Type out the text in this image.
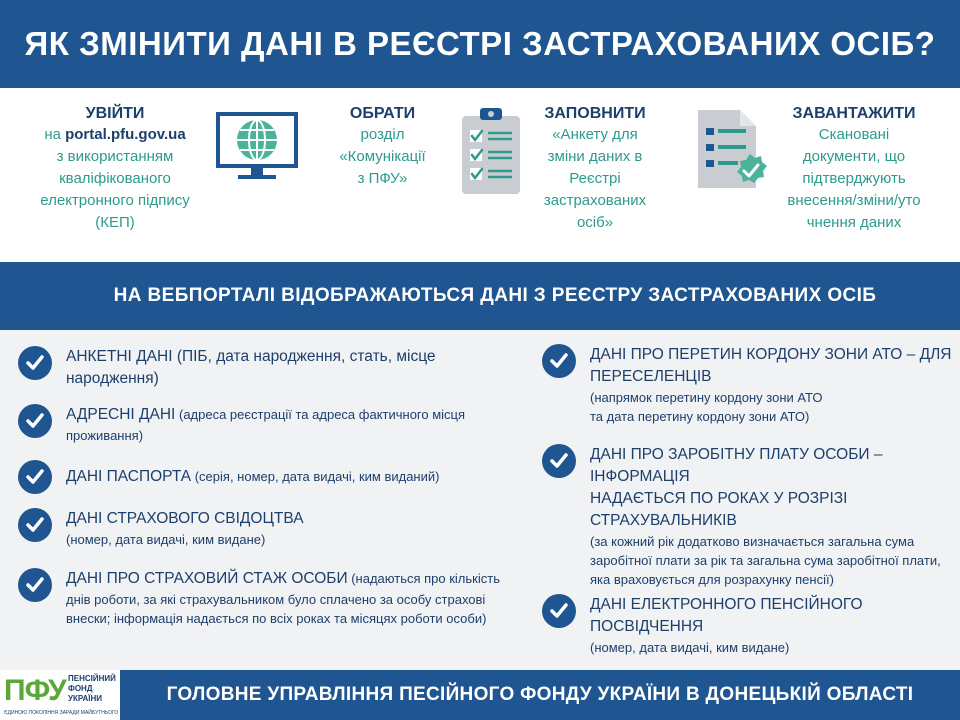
ЯК ЗМІНИТИ ДАНІ В РЕЄСТРІ ЗАСТРАХОВАНИХ ОСІБ?
УВІЙТИ
на portal.pfu.gov.ua
з використанням
кваліфікованого
електронного підпису
(КЕП)
ОБРАТИ
розділ
«Комунікації
з ПФУ»
ЗАПОВНИТИ
«Анкету для
зміни даних в
Реєстрі
застрахованих
осіб»
ЗАВАНТАЖИТИ
Скановані
документи, що
підтверджують
внесення/зміни/уто
чнення даних
НА ВЕБПОРТАЛІ ВІДОБРАЖАЮТЬСЯ ДАНІ З РЕЄСТРУ ЗАСТРАХОВАНИХ ОСІБ
АНКЕТНІ ДАНІ (ПІБ, дата народження, стать, місце
народження)
АДРЕСНІ ДАНІ (адреса реєстрації та адреса фактичного місця
проживання)
ДАНІ ПАСПОРТА (серія, номер, дата видачі, ким виданий)
ДАНІ СТРАХОВОГО СВІДОЦТВА
(номер, дата видачі, ким видане)
ДАНІ ПРО СТРАХОВИЙ СТАЖ ОСОБИ (надаються про кількість
днів роботи, за які страхувальником було сплачено за особу страхові
внески; інформація надається по всіх роках та місяцях роботи особи)
ДАНІ ПРО ПЕРЕТИН КОРДОНУ ЗОНИ АТО – ДЛЯ
ПЕРЕСЕЛЕНЦІВ
(напрямок перетину кордону зони АТО
та дата перетину кордону зони АТО)
ДАНІ ПРО ЗАРОБІТНУ ПЛАТУ ОСОБИ – ІНФОРМАЦІЯ
НАДАЄТЬСЯ ПО РОКАХ У РОЗРІЗІ СТРАХУВАЛЬНИКІВ
(за кожний рік додатково визначається загальна сума
заробітної плати за рік та загальна сума заробітної плати,
яка враховується для розрахунку пенсії)
ДАНІ ЕЛЕКТРОННОГО ПЕНСІЙНОГО ПОСВІДЧЕННЯ
(номер, дата видачі, ким видане)
ПФУ ПЕНСІЙНИЙ
ФОНД
УКРАЇНИ
ЄДИНОЮ ПОКОЛІННЯ ЗАРАДИ МАЙБУТНЬОГО
ГОЛОВНЕ УПРАВЛІННЯ ПЕСІЙНОГО ФОНДУ УКРАЇНИ В ДОНЕЦЬКІЙ ОБЛАСТІ
